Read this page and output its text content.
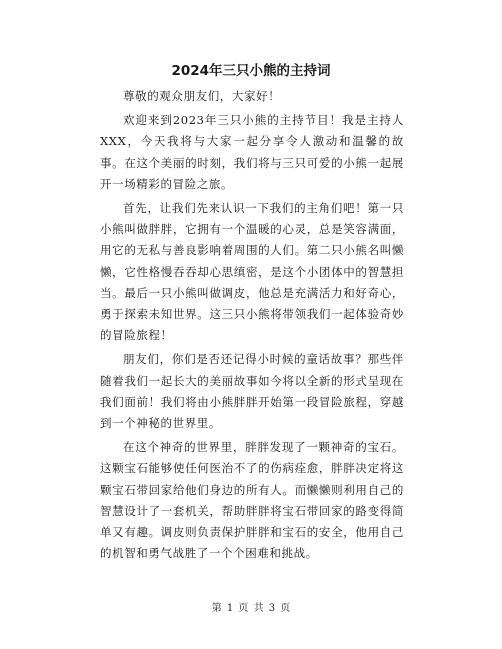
2024年三只小熊的主持词

尊敬的观众朋友们，大家好！

欢迎来到2023年三只小熊的主持节目！我是主持人XXX，今天我将与大家一起分享令人激动和温馨的故事。在这个美丽的时刻，我们将与三只可爱的小熊一起展开一场精彩的冒险之旅。

首先，让我们先来认识一下我们的主角们吧！第一只小熊叫做胖胖，它拥有一个温暖的心灵，总是笑容满面，用它的无私与善良影响着周围的人们。第二只小熊名叫懒懒，它性格慢吞吞却心思缜密，是这个小团体中的智慧担当。最后一只小熊叫做调皮，他总是充满活力和好奇心，勇于探索未知世界。这三只小熊将带领我们一起体验奇妙的冒险旅程！

朋友们，你们是否还记得小时候的童话故事？那些伴随着我们一起长大的美丽故事如今将以全新的形式呈现在我们面前！我们将由小熊胖胖开始第一段冒险旅程，穿越到一个神秘的世界里。

在这个神奇的世界里，胖胖发现了一颗神奇的宝石。这颗宝石能够使任何医治不了的伤病痊愈，胖胖决定将这颗宝石带回家给他们身边的所有人。而懒懒则利用自己的智慧设计了一套机关，帮助胖胖将宝石带回家的路变得简单又有趣。调皮则负责保护胖胖和宝石的安全，他用自己的机智和勇气战胜了一个个困难和挑战。

第 1 页 共 3 页
